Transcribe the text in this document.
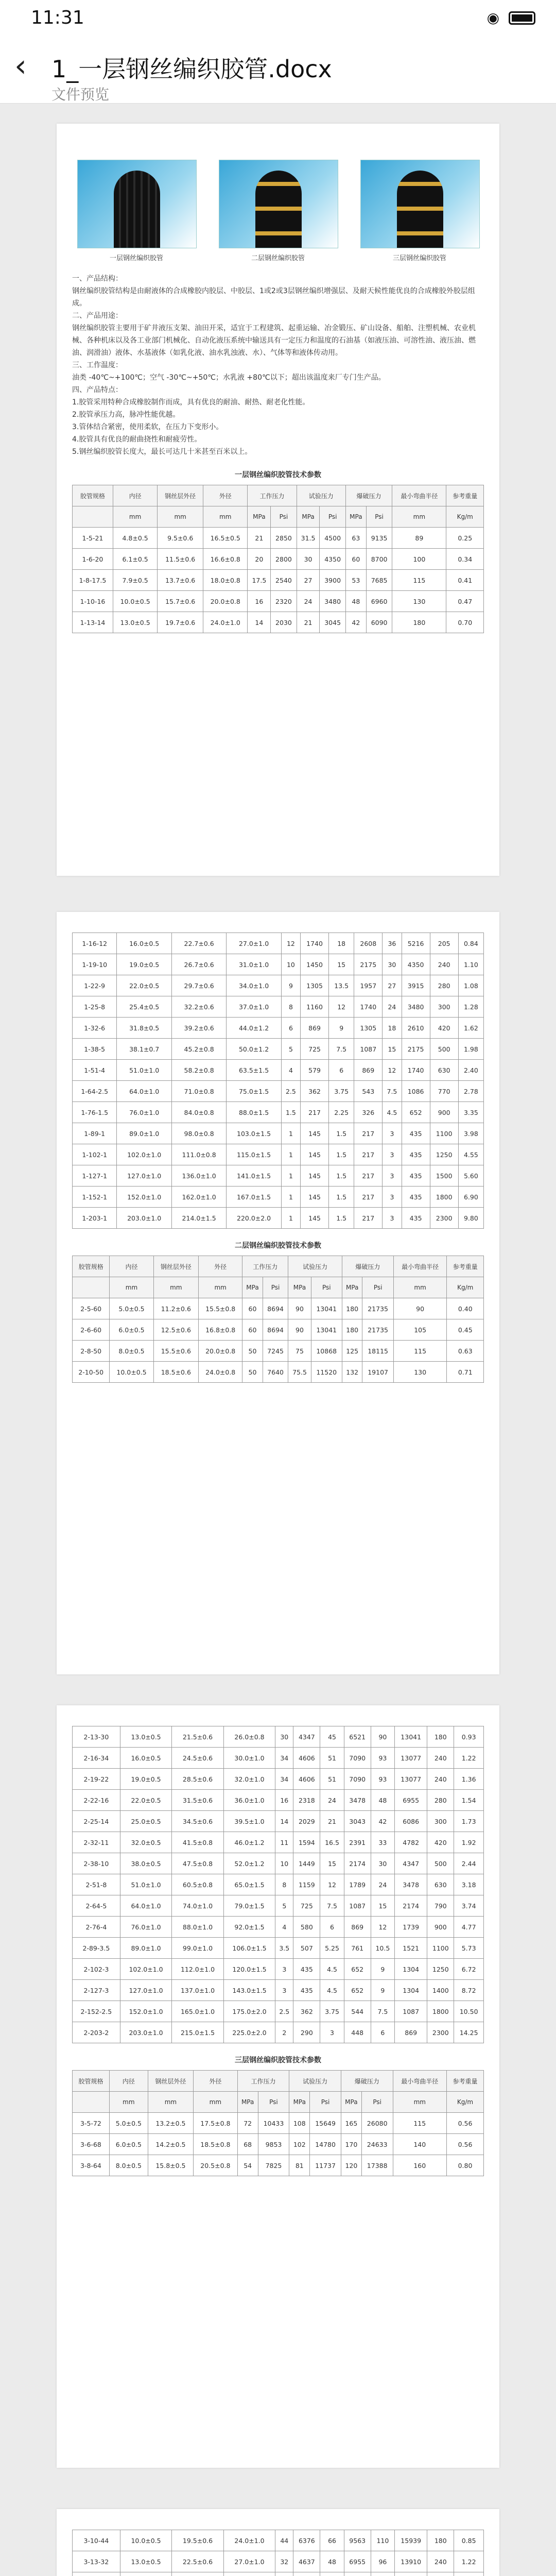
11:31	◉
‹ 1_一层钢丝编织胶管.docx
文件预览
一层钢丝编织胶管	二层钢丝编织胶管	三层钢丝编织胶管

一、产品结构：

钢丝编织胶管结构是由耐液体的合成橡胶内胶层、中胶层、1或2或3层钢丝编织增强层、及耐天候性能优良的合成橡胶外胶层组成。

二、产品用途：

钢丝编织胶管主要用于矿井液压支架、油田开采，适宜于工程建筑、起重运输、冶金锻压、矿山设备、船舶、注塑机械、农业机械、各种机床以及各工业部门机械化、自动化液压系统中输送具有一定压力和温度的石油基（如液压油、可溶性油、液压油、燃油、润滑油）液体、水基液体（如乳化液、油水乳浊液、水）、气体等和液体传动用。

三、工作温度：

油类 -40℃~+100℃；空气 -30℃~+50℃；水乳液 +80℃以下；超出该温度来厂专门生产品。

四、产品特点：

1.胶管采用特种合成橡胶制作而成，具有优良的耐油、耐热、耐老化性能。

2.胶管承压力高，脉冲性能优越。

3.管体结合紧密，使用柔软，在压力下变形小。

4.胶管具有优良的耐曲挠性和耐疲劳性。

5.钢丝编织胶管长度大，最长可达几十米甚至百米以上。

一层钢丝编织胶管技术参数
胶管规格	内径	钢丝层外径	外径	工作压力		试验压力		爆破压力		最小弯曲半径	参考重量
	mm	mm	mm	MPa	Psi	MPa	Psi	MPa	Psi	mm	Kg/m
1-5-21	4.8±0.5	9.5±0.6	16.5±0.5	21	2850	31.5	4500	63	9135	89	0.25
1-6-20	6.1±0.5	11.5±0.6	16.6±0.8	20	2800	30	4350	60	8700	100	0.34
1-8-17.5	7.9±0.5	13.7±0.6	18.0±0.8	17.5	2540	27	3900	53	7685	115	0.41
1-10-16	10.0±0.5	15.7±0.6	20.0±0.8	16	2320	24	3480	48	6960	130	0.47
1-13-14	13.0±0.5	19.7±0.6	24.0±1.0	14	2030	21	3045	42	6090	180	0.70
1-16-12	16.0±0.5	22.7±0.6	27.0±1.0	12	1740	18	2608	36	5216	205	0.84
1-19-10	19.0±0.5	26.7±0.6	31.0±1.0	10	1450	15	2175	30	4350	240	1.10
1-22-9	22.0±0.5	29.7±0.6	34.0±1.0	9	1305	13.5	1957	27	3915	280	1.08
1-25-8	25.4±0.5	32.2±0.6	37.0±1.0	8	1160	12	1740	24	3480	300	1.28
1-32-6	31.8±0.5	39.2±0.6	44.0±1.2	6	869	9	1305	18	2610	420	1.62
1-38-5	38.1±0.7	45.2±0.8	50.0±1.2	5	725	7.5	1087	15	2175	500	1.98
1-51-4	51.0±1.0	58.2±0.8	63.5±1.5	4	579	6	869	12	1740	630	2.40
1-64-2.5	64.0±1.0	71.0±0.8	75.0±1.5	2.5	362	3.75	543	7.5	1086	770	2.78
1-76-1.5	76.0±1.0	84.0±0.8	88.0±1.5	1.5	217	2.25	326	4.5	652	900	3.35
1-89-1	89.0±1.0	98.0±0.8	103.0±1.5	1	145	1.5	217	3	435	1100	3.98
1-102-1	102.0±1.0	111.0±0.8	115.0±1.5	1	145	1.5	217	3	435	1250	4.55
1-127-1	127.0±1.0	136.0±1.0	141.0±1.5	1	145	1.5	217	3	435	1500	5.60
1-152-1	152.0±1.0	162.0±1.0	167.0±1.5	1	145	1.5	217	3	435	1800	6.90
1-203-1	203.0±1.0	214.0±1.5	220.0±2.0	1	145	1.5	217	3	435	2300	9.80
二层钢丝编织胶管技术参数
胶管规格	内径	钢丝层外径	外径	工作压力		试验压力		爆破压力		最小弯曲半径	参考重量
	mm	mm	mm	MPa	Psi	MPa	Psi	MPa	Psi	mm	Kg/m
2-5-60	5.0±0.5	11.2±0.6	15.5±0.8	60	8694	90	13041	180	21735	90	0.40
2-6-60	6.0±0.5	12.5±0.6	16.8±0.8	60	8694	90	13041	180	21735	105	0.45
2-8-50	8.0±0.5	15.5±0.6	20.0±0.8	50	7245	75	10868	125	18115	115	0.63
2-10-50	10.0±0.5	18.5±0.6	24.0±0.8	50	7640	75.5	11520	132	19107	130	0.71
2-13-30	13.0±0.5	21.5±0.6	26.0±0.8	30	4347	45	6521	90	13041	180	0.93
2-16-34	16.0±0.5	24.5±0.6	30.0±1.0	34	4606	51	7090	93	13077	240	1.22
2-19-22	19.0±0.5	28.5±0.6	32.0±1.0	34	4606	51	7090	93	13077	240	1.36
2-22-16	22.0±0.5	31.5±0.6	36.0±1.0	16	2318	24	3478	48	6955	280	1.54
2-25-14	25.0±0.5	34.5±0.6	39.5±1.0	14	2029	21	3043	42	6086	300	1.73
2-32-11	32.0±0.5	41.5±0.8	46.0±1.2	11	1594	16.5	2391	33	4782	420	1.92
2-38-10	38.0±0.5	47.5±0.8	52.0±1.2	10	1449	15	2174	30	4347	500	2.44
2-51-8	51.0±1.0	60.5±0.8	65.0±1.5	8	1159	12	1789	24	3478	630	3.18
2-64-5	64.0±1.0	74.0±1.0	79.0±1.5	5	725	7.5	1087	15	2174	790	3.74
2-76-4	76.0±1.0	88.0±1.0	92.0±1.5	4	580	6	869	12	1739	900	4.77
2-89-3.5	89.0±1.0	99.0±1.0	106.0±1.5	3.5	507	5.25	761	10.5	1521	1100	5.73
2-102-3	102.0±1.0	112.0±1.0	120.0±1.5	3	435	4.5	652	9	1304	1250	6.72
2-127-3	127.0±1.0	137.0±1.0	143.0±1.5	3	435	4.5	652	9	1304	1400	8.72
2-152-2.5	152.0±1.0	165.0±1.0	175.0±2.0	2.5	362	3.75	544	7.5	1087	1800	10.50
2-203-2	203.0±1.0	215.0±1.5	225.0±2.0	2	290	3	448	6	869	2300	14.25
三层钢丝编织胶管技术参数
胶管规格	内径	钢丝层外径	外径	工作压力		试验压力		爆破压力		最小弯曲半径	参考重量
	mm	mm	mm	MPa	Psi	MPa	Psi	MPa	Psi	mm	Kg/m
3-5-72	5.0±0.5	13.2±0.5	17.5±0.8	72	10433	108	15649	165	26080	115	0.56
3-6-68	6.0±0.5	14.2±0.5	18.5±0.8	68	9853	102	14780	170	24633	140	0.56
3-8-64	8.0±0.5	15.8±0.5	20.5±0.8	54	7825	81	11737	120	17388	160	0.80
3-10-44	10.0±0.5	19.5±0.6	24.0±1.0	44	6376	66	9563	110	15939	180	0.85
3-13-32	13.0±0.5	22.5±0.6	27.0±1.0	32	4637	48	6955	96	13910	240	1.22
